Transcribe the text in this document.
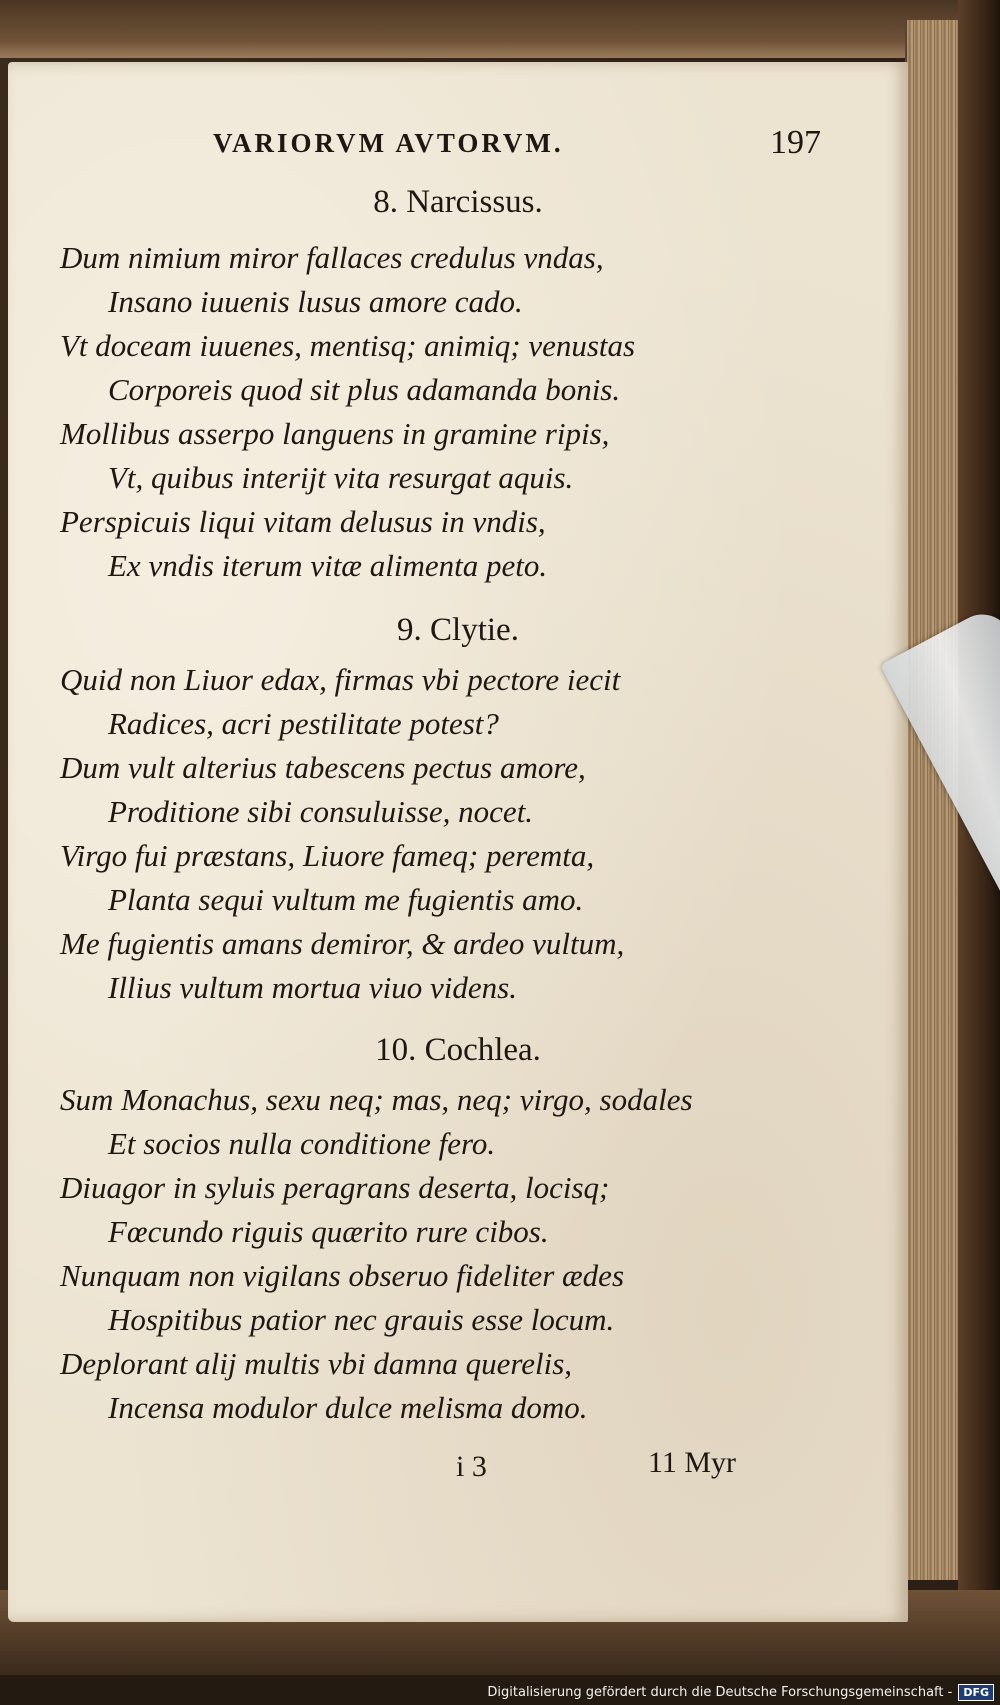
VARIORVM AVTORVM.	197
8. Narcissus.
Dum nimium miror fallaces credulus vndas,
Insano iuuenis lusus amore cado.
Vt doceam iuuenes, mentisq; animiq; venustas
Corporeis quod sit plus adamanda bonis.
Mollibus asserpo languens in gramine ripis,
Vt, quibus interijt vita resurgat aquis.
Perspicuis liqui vitam delusus in vndis,
Ex vndis iterum vitæ alimenta peto.
9. Clytie.
Quid non Liuor edax, firmas vbi pectore iecit
Radices, acri pestilitate potest?
Dum vult alterius tabescens pectus amore,
Proditione sibi consuluisse, nocet.
Virgo fui præstans, Liuore fameq; peremta,
Planta sequi vultum me fugientis amo.
Me fugientis amans demiror, & ardeo vultum,
Illius vultum mortua viuo videns.
10. Cochlea.
Sum Monachus, sexu neq; mas, neq; virgo, sodales
Et socios nulla conditione fero.
Diuagor in syluis peragrans deserta, locisq;
Fœcundo riguis quærito rure cibos.
Nunquam non vigilans obseruo fideliter ædes
Hospitibus patior nec grauis esse locum.
Deplorant alij multis vbi damna querelis,
Incensa modulor dulce melisma domo.
i 3	11 Myr
Digitalisierung gefördert durch die Deutsche Forschungsgemeinschaft -	DFG
